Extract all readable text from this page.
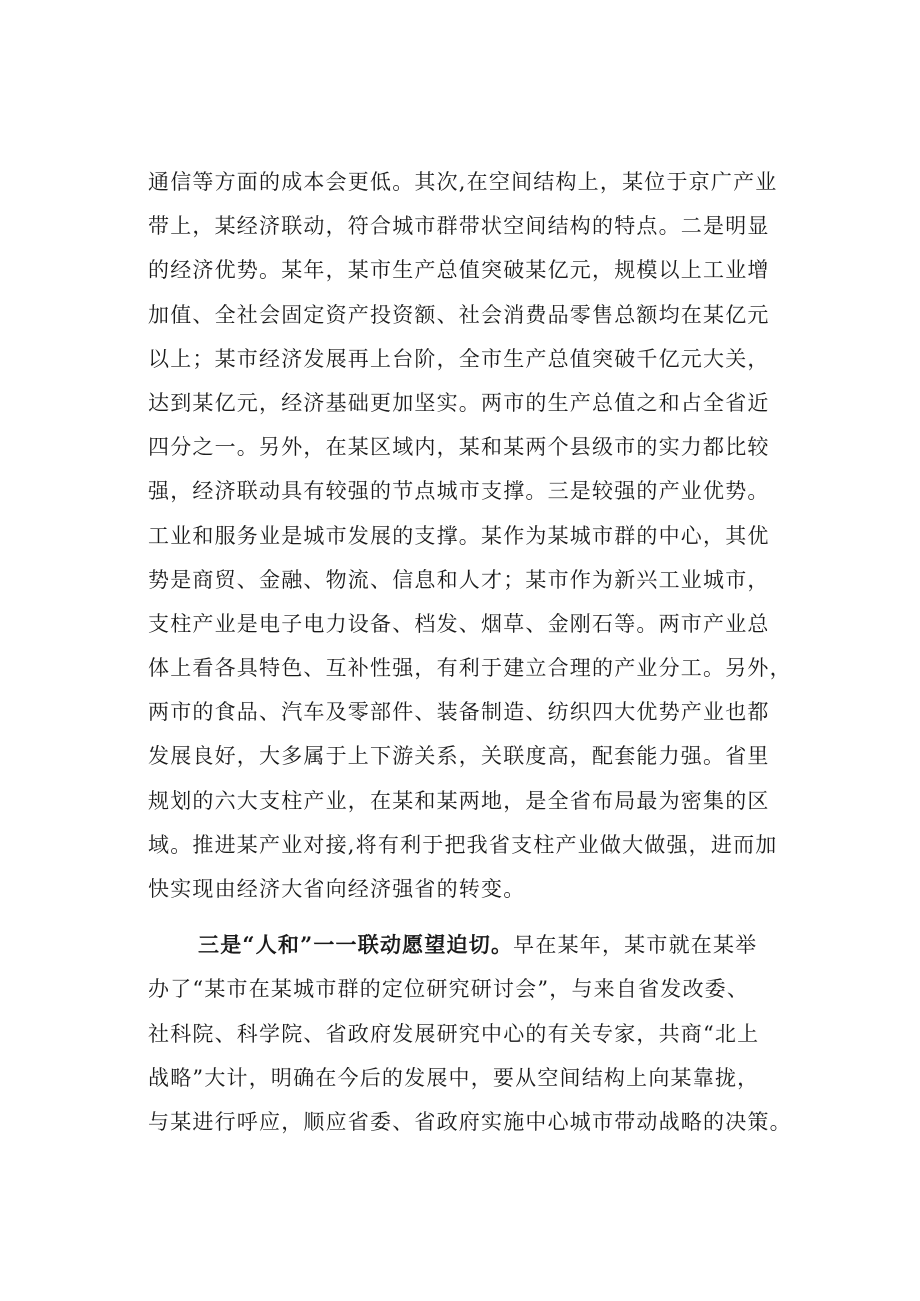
通信等方面的成本会更低。其次,在空间结构上，某位于京广产业
带上，某经济联动，符合城市群带状空间结构的特点。二是明显
的经济优势。某年，某市生产总值突破某亿元，规模以上工业增
加值、全社会固定资产投资额、社会消费品零售总额均在某亿元
以上；某市经济发展再上台阶，全市生产总值突破千亿元大关，
达到某亿元，经济基础更加坚实。两市的生产总值之和占全省近
四分之一。另外，在某区域内，某和某两个县级市的实力都比较
强，经济联动具有较强的节点城市支撑。三是较强的产业优势。
工业和服务业是城市发展的支撑。某作为某城市群的中心，其优
势是商贸、金融、物流、信息和人才；某市作为新兴工业城市，
支柱产业是电子电力设备、档发、烟草、金刚石等。两市产业总
体上看各具特色、互补性强，有利于建立合理的产业分工。另外，
两市的食品、汽车及零部件、装备制造、纺织四大优势产业也都
发展良好，大多属于上下游关系，关联度高，配套能力强。省里
规划的六大支柱产业，在某和某两地，是全省布局最为密集的区
域。推进某产业对接,将有利于把我省支柱产业做大做强，进而加
快实现由经济大省向经济强省的转变。
三是“人和”一一联动愿望迫切。早在某年，某市就在某举
办了“某市在某城市群的定位研究研讨会”，与来自省发改委、
社科院、科学院、省政府发展研究中心的有关专家，共商“北上
战略”大计，明确在今后的发展中，要从空间结构上向某靠拢，
与某进行呼应，顺应省委、省政府实施中心城市带动战略的决策。
